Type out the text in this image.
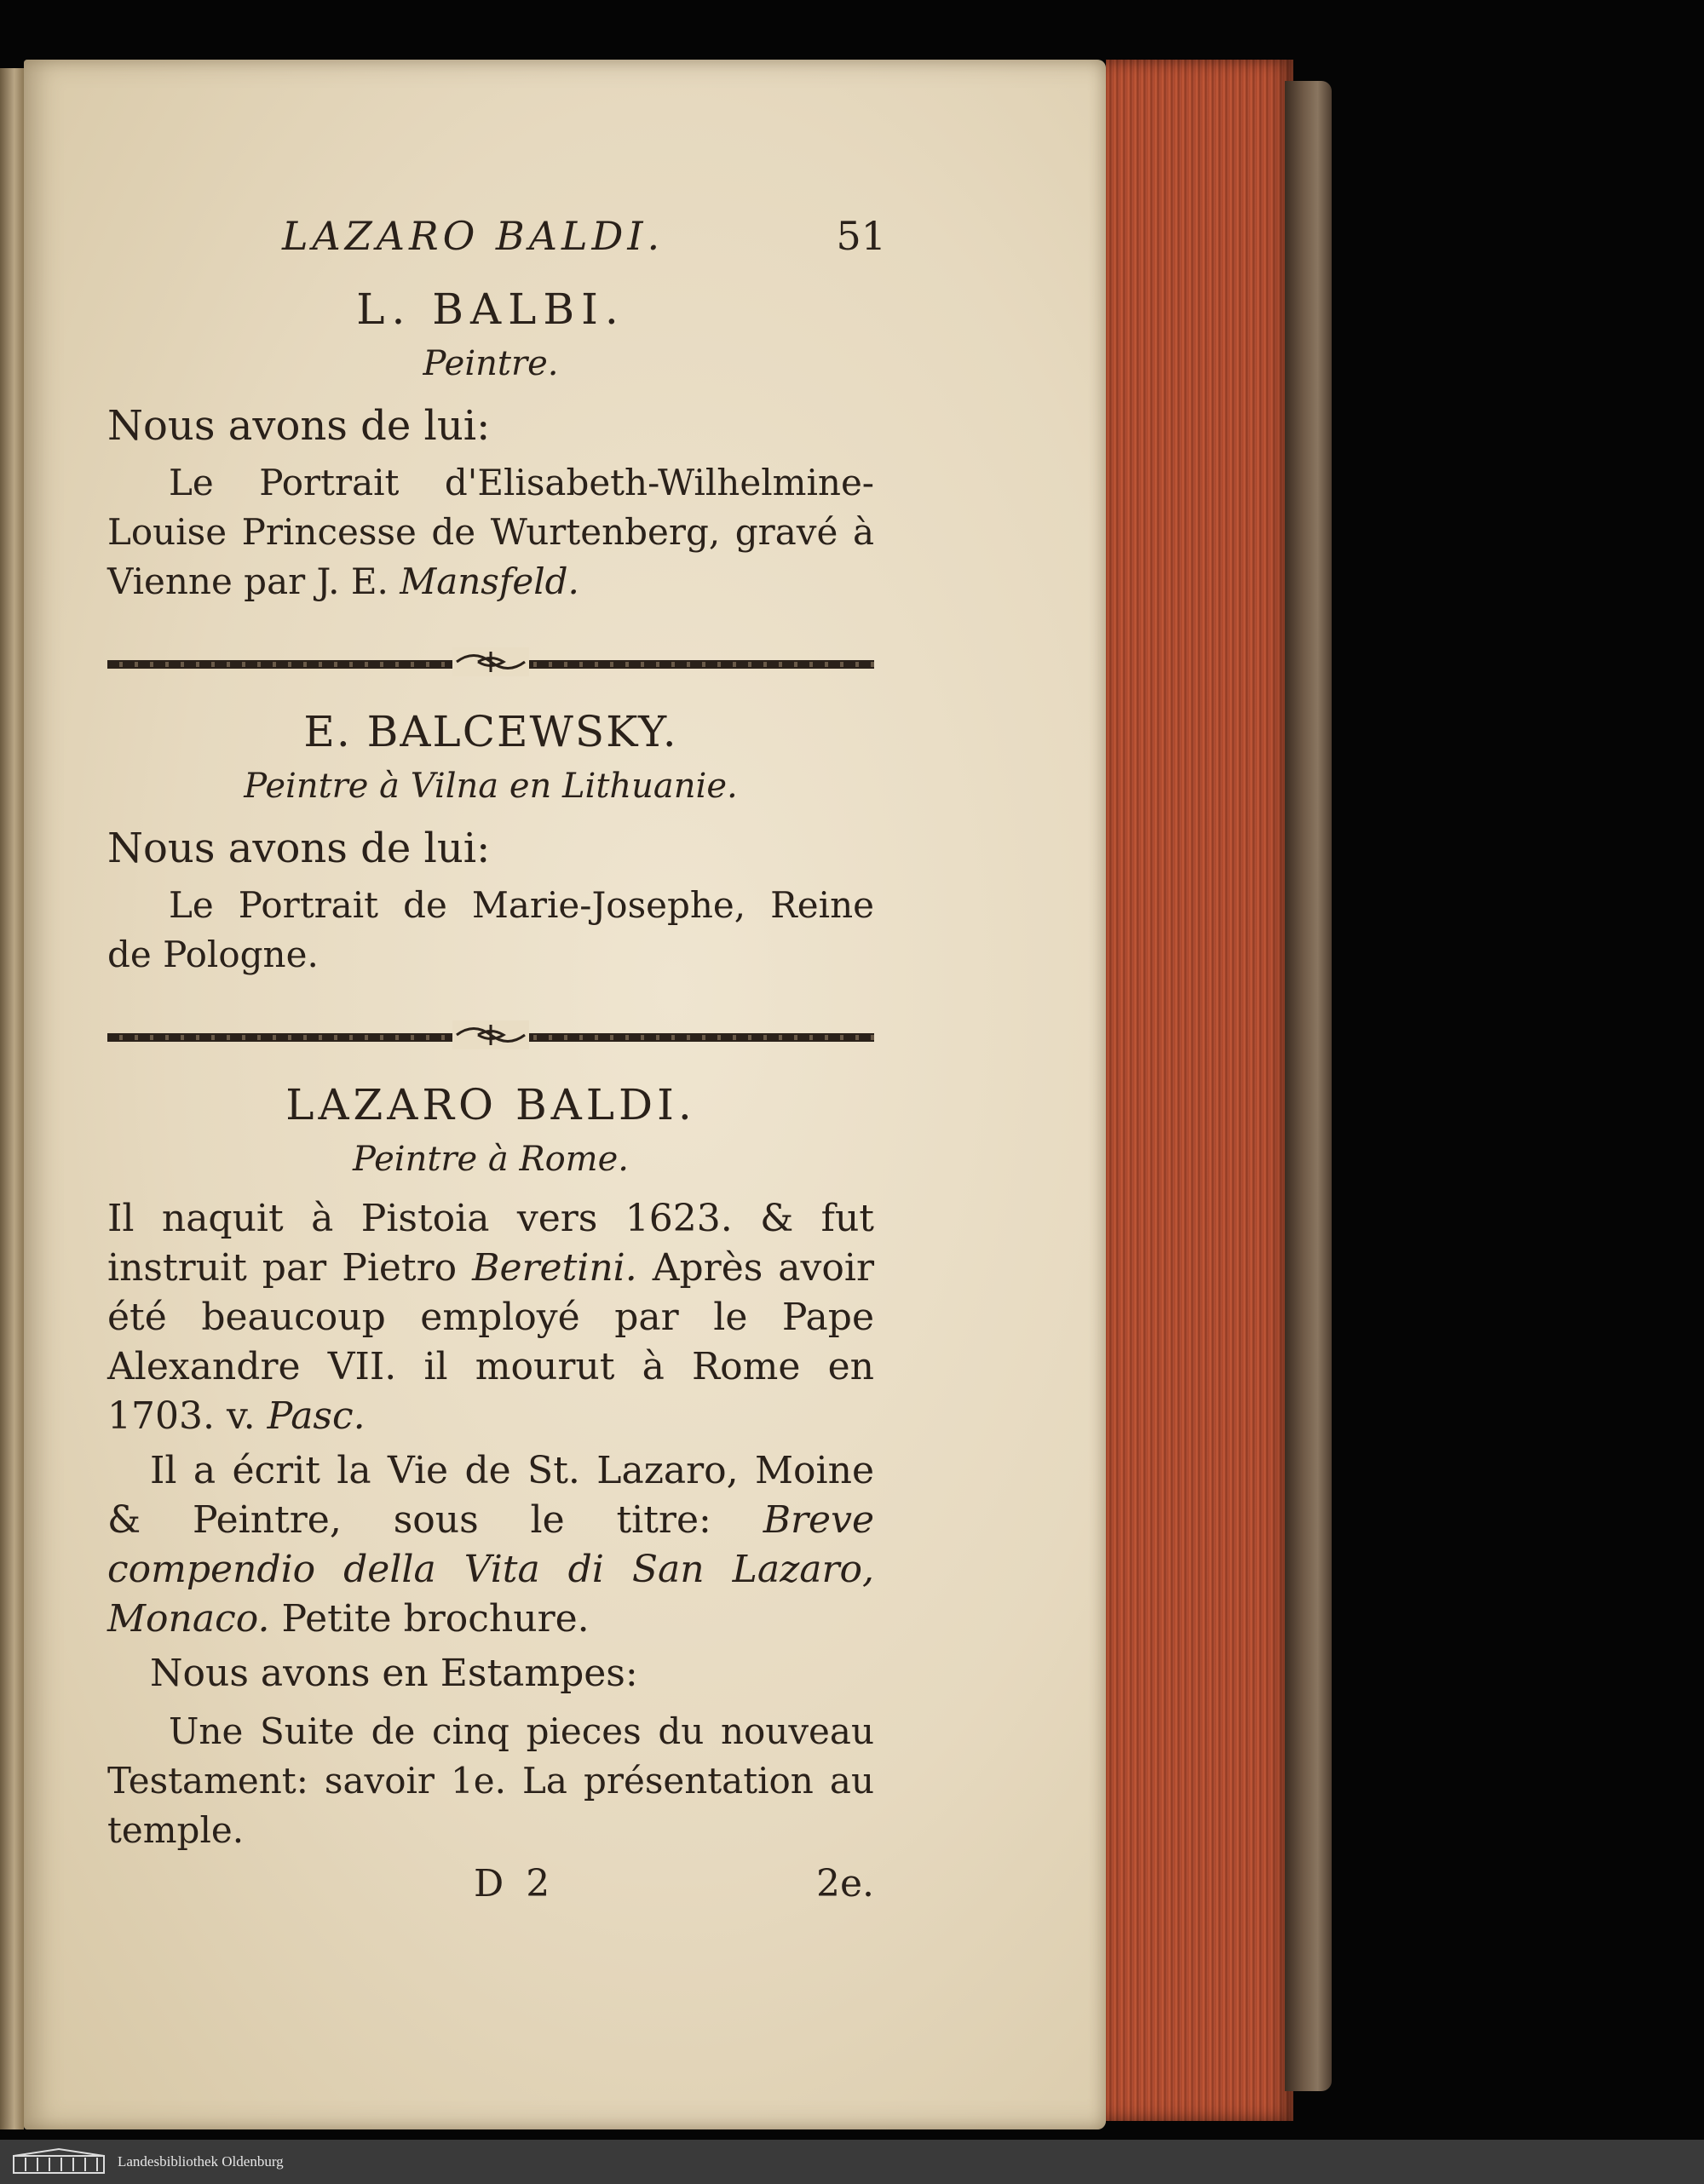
LAZARO BALDI.	51
L. BALBI.
Peintre.
Nous avons de lui:
Le Portrait d'Elisabeth-Wilhelmine-Louise Princesse de Wurtenberg, gravé à Vienne par J. E. Mansfeld.
E. BALCEWSKY.
Peintre à Vilna en Lithuanie.
Nous avons de lui:
Le Portrait de Marie-Josephe, Reine de Pologne.
LAZARO BALDI.
Peintre à Rome.
Il naquit à Pistoia vers 1623. & fut instruit par Pietro Beretini. Après avoir été beaucoup employé par le Pape Alexandre VII. il mourut à Rome en 1703. v. Pasc.
Il a écrit la Vie de St. Lazaro, Moine & Peintre, sous le titre: Breve compendio della Vita di San Lazaro, Monaco. Petite brochure.
Nous avons en Estampes:
Une Suite de cinq pieces du nouveau Testament: savoir 1e. La présentation au temple.
D 2	2e.
Landesbibliothek Oldenburg
